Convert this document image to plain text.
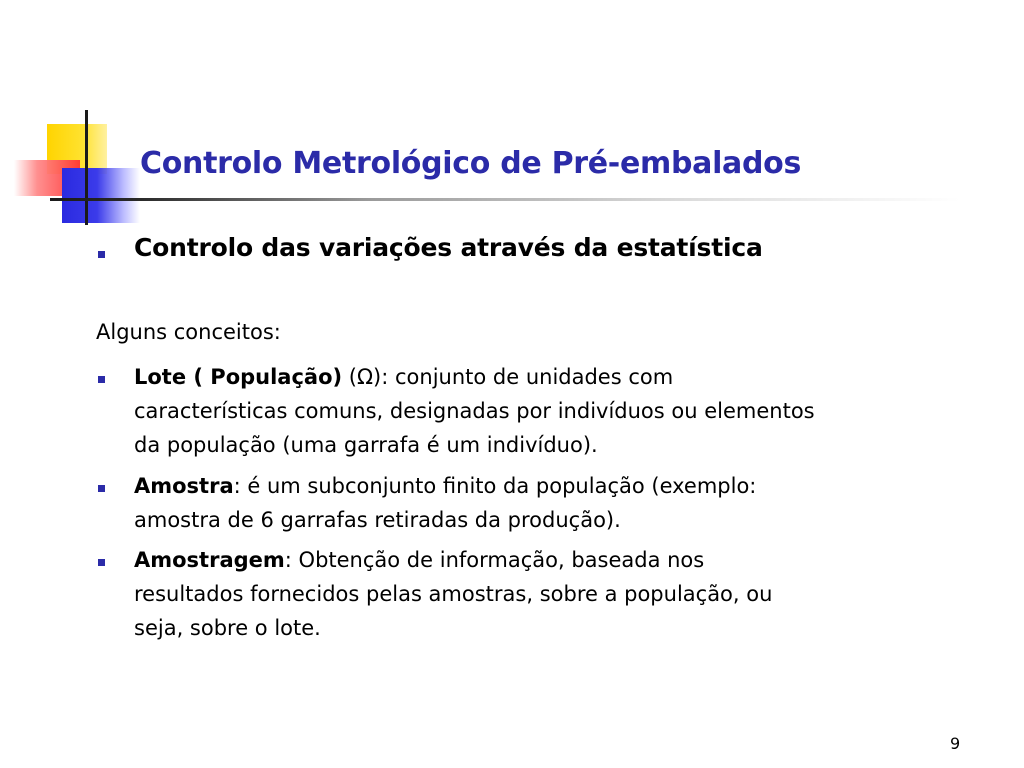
Controlo Metrológico de Pré-embalados
Controlo das variações através da estatística
Alguns conceitos:
Lote ( População) (Ω): conjunto de unidades com
características comuns, designadas por indivíduos ou elementos
da população (uma garrafa é um indivíduo).
Amostra: é um subconjunto finito da população (exemplo:
amostra de 6 garrafas retiradas da produção).
Amostragem: Obtenção de informação, baseada nos
resultados fornecidos pelas amostras, sobre a população, ou
seja, sobre o lote.
9
